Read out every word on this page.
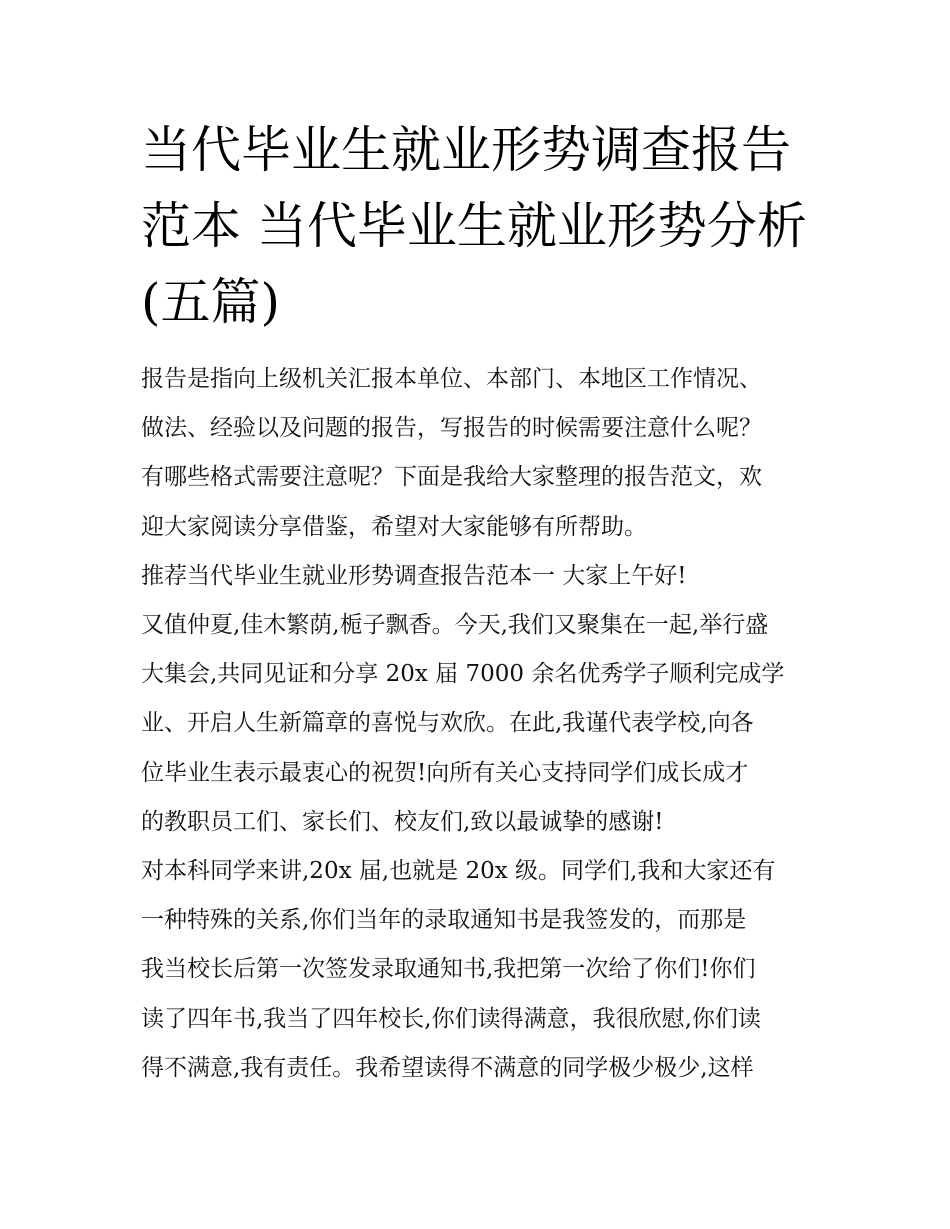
当代毕业生就业形势调查报告
范本 当代毕业生就业形势分析
(五篇)
报告是指向上级机关汇报本单位、本部门、本地区工作情况、
做法、经验以及问题的报告，写报告的时候需要注意什么呢？
有哪些格式需要注意呢？下面是我给大家整理的报告范文，欢
迎大家阅读分享借鉴，希望对大家能够有所帮助。
推荐当代毕业生就业形势调查报告范本一 大家上午好!
又值仲夏,佳木繁荫,栀子飘香。今天,我们又聚集在一起,举行盛
大集会,共同见证和分享 20x 届 7000 余名优秀学子顺利完成学
业、开启人生新篇章的喜悦与欢欣。在此,我谨代表学校,向各
位毕业生表示最衷心的祝贺!向所有关心支持同学们成长成才
的教职员工们、家长们、校友们,致以最诚挚的感谢!
对本科同学来讲,20x 届,也就是 20x 级。同学们,我和大家还有
一种特殊的关系,你们当年的录取通知书是我签发的，而那是
我当校长后第一次签发录取通知书,我把第一次给了你们!你们
读了四年书,我当了四年校长,你们读得满意，我很欣慰,你们读
得不满意,我有责任。我希望读得不满意的同学极少极少,这样
